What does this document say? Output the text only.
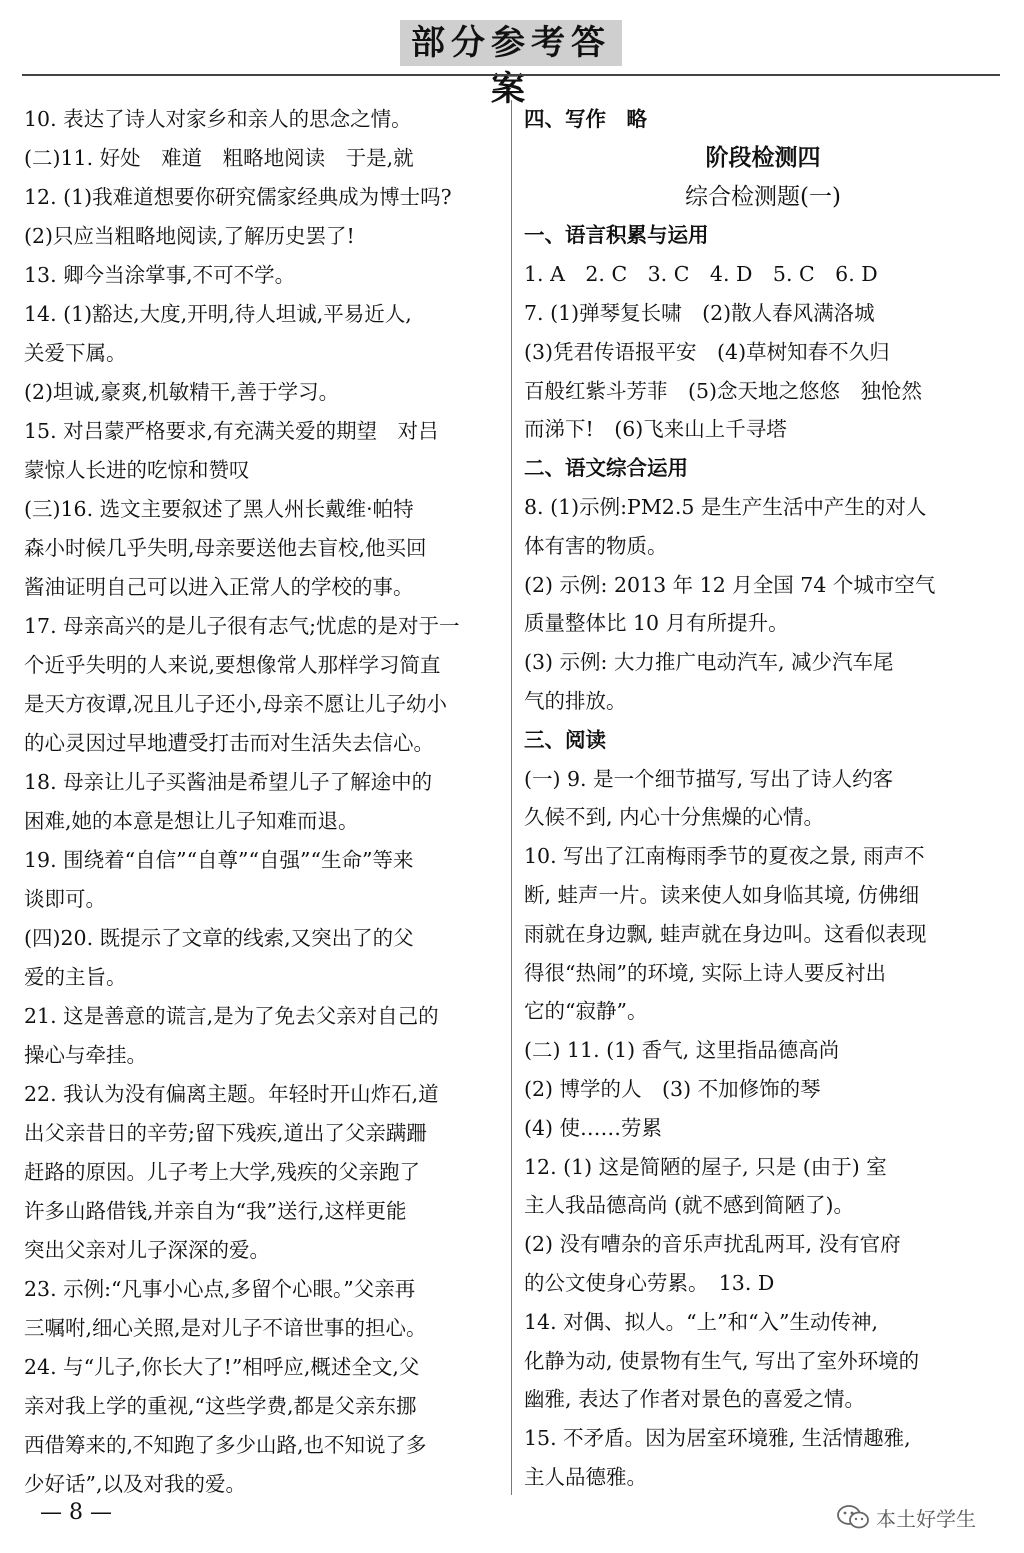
部分参考答案
10. 表达了诗人对家乡和亲人的思念之情。
(二)11. 好处　难道　粗略地阅读　于是,就
12. (1)我难道想要你研究儒家经典成为博士吗?
(2)只应当粗略地阅读,了解历史罢了!
13. 卿今当涂掌事,不可不学。
14. (1)豁达,大度,开明,待人坦诚,平易近人,
关爱下属。
(2)坦诚,豪爽,机敏精干,善于学习。
15. 对吕蒙严格要求,有充满关爱的期望　对吕
蒙惊人长进的吃惊和赞叹
(三)16. 选文主要叙述了黑人州长戴维·帕特
森小时候几乎失明,母亲要送他去盲校,他买回
酱油证明自己可以进入正常人的学校的事。
17. 母亲高兴的是儿子很有志气;忧虑的是对于一
个近乎失明的人来说,要想像常人那样学习简直
是天方夜谭,况且儿子还小,母亲不愿让儿子幼小
的心灵因过早地遭受打击而对生活失去信心。
18. 母亲让儿子买酱油是希望儿子了解途中的
困难,她的本意是想让儿子知难而退。
19. 围绕着“自信”“自尊”“自强”“生命”等来
谈即可。
(四)20. 既提示了文章的线索,又突出了的父
爱的主旨。
21. 这是善意的谎言,是为了免去父亲对自己的
操心与牵挂。
22. 我认为没有偏离主题。年轻时开山炸石,道
出父亲昔日的辛劳;留下残疾,道出了父亲蹒跚
赶路的原因。儿子考上大学,残疾的父亲跑了
许多山路借钱,并亲自为“我”送行,这样更能
突出父亲对儿子深深的爱。
23. 示例:“凡事小心点,多留个心眼。”父亲再
三嘱咐,细心关照,是对儿子不谙世事的担心。
24. 与“儿子,你长大了!”相呼应,概述全文,父
亲对我上学的重视,“这些学费,都是父亲东挪
西借筹来的,不知跑了多少山路,也不知说了多
少好话”,以及对我的爱。
四、写作　略
阶段检测四
综合检测题(一)
一、语言积累与运用
1. A　2. C　3. C　4. D　5. C　6. D
7. (1)弹琴复长啸　(2)散人春风满洛城
(3)凭君传语报平安　(4)草树知春不久归
百般红紫斗芳菲　(5)念天地之悠悠　独怆然
而涕下!　(6)飞来山上千寻塔
二、语文综合运用
8. (1)示例:PM2.5 是生产生活中产生的对人
体有害的物质。
(2) 示例: 2013 年 12 月全国 74 个城市空气
质量整体比 10 月有所提升。
(3) 示例: 大力推广电动汽车, 减少汽车尾
气的排放。
三、阅读
(一) 9. 是一个细节描写, 写出了诗人约客
久候不到, 内心十分焦燥的心情。
10. 写出了江南梅雨季节的夏夜之景, 雨声不
断, 蛙声一片。读来使人如身临其境, 仿佛细
雨就在身边飘, 蛙声就在身边叫。这看似表现
得很“热闹”的环境, 实际上诗人要反衬出
它的“寂静”。
(二) 11. (1) 香气, 这里指品德高尚
(2) 博学的人　(3) 不加修饰的琴
(4) 使……劳累
12. (1) 这是简陋的屋子, 只是 (由于) 室
主人我品德高尚 (就不感到简陋了)。
(2) 没有嘈杂的音乐声扰乱两耳, 没有官府
的公文使身心劳累。　13. D
14. 对偶、拟人。“上”和“入”生动传神,
化静为动, 使景物有生气, 写出了室外环境的
幽雅, 表达了作者对景色的喜爱之情。
15. 不矛盾。因为居室环境雅, 生活情趣雅,
主人品德雅。
— 8 —	本土好学生
